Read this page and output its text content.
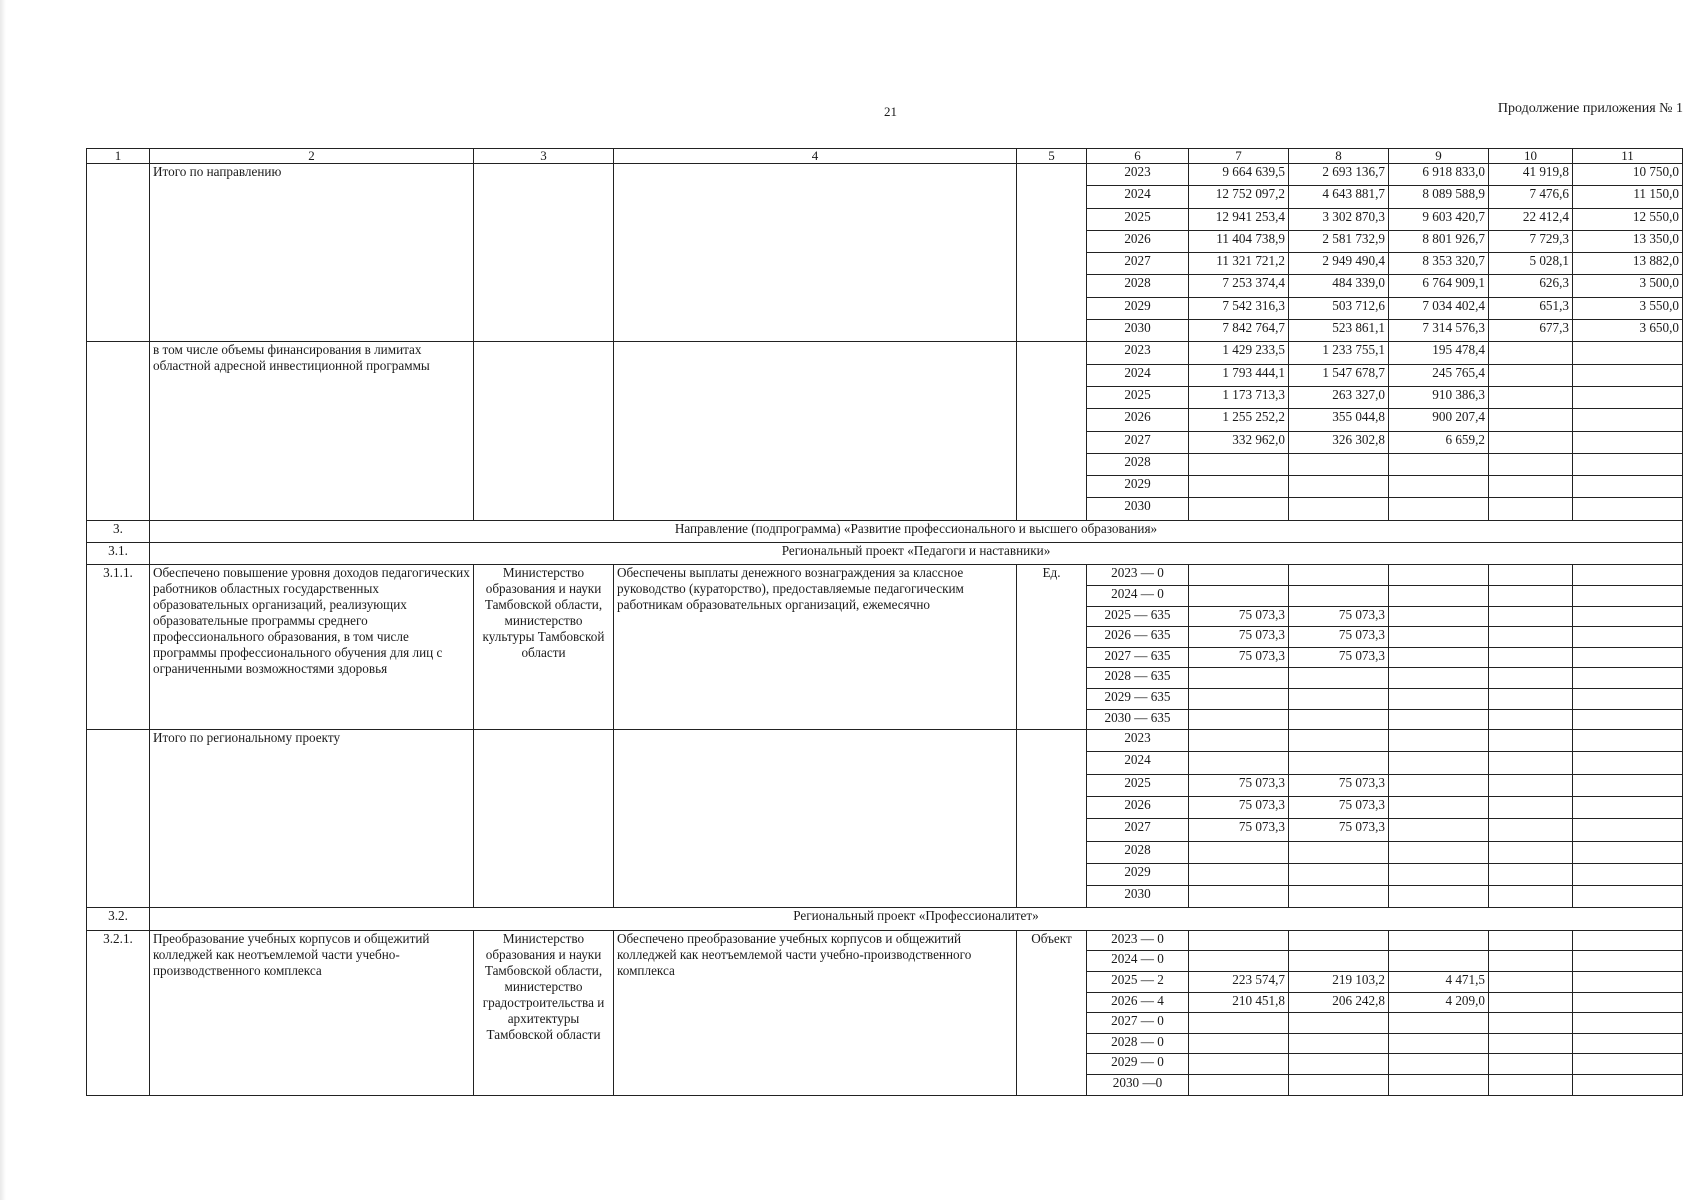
21	Продолжение приложения № 1
1	2	3	4	5	6	7	8	9	10	11
	Итого по направлению				2023	9 664 639,5	2 693 136,7	6 918 833,0	41 919,8	10 750,0
					2024	12 752 097,2	4 643 881,7	8 089 588,9	7 476,6	11 150,0
					2025	12 941 253,4	3 302 870,3	9 603 420,7	22 412,4	12 550,0
					2026	11 404 738,9	2 581 732,9	8 801 926,7	7 729,3	13 350,0
					2027	11 321 721,2	2 949 490,4	8 353 320,7	5 028,1	13 882,0
					2028	7 253 374,4	484 339,0	6 764 909,1	626,3	3 500,0
					2029	7 542 316,3	503 712,6	7 034 402,4	651,3	3 550,0
					2030	7 842 764,7	523 861,1	7 314 576,3	677,3	3 650,0
	в том числе объемы финансирования в лимитах областной адресной инвестиционной программы				2023	1 429 233,5	1 233 755,1	195 478,4		
					2024	1 793 444,1	1 547 678,7	245 765,4		
					2025	1 173 713,3	263 327,0	910 386,3		
					2026	1 255 252,2	355 044,8	900 207,4		
					2027	332 962,0	326 302,8	6 659,2		
					2028					
					2029					
					2030					
3.	Направление (подпрограмма) «Развитие профессионального и высшего образования»									
3.1.	Региональный проект «Педагоги и наставники»									
3.1.1.	Обеспечено повышение уровня доходов педагогических работников областных государственных образовательных организаций, реализующих образовательные программы среднего профессионального образования, в том числе программы профессионального обучения для лиц с ограниченными возможностями здоровья	Министерство образования и науки Тамбовской области, министерство культуры Тамбовской области	Обеспечены выплаты денежного вознаграждения за классное руководство (кураторство), предоставляемые педагогическим работникам образовательных организаций, ежемесячно	Ед.	2023 — 0					
					2024 — 0					
					2025 — 635	75 073,3	75 073,3			
					2026 — 635	75 073,3	75 073,3			
					2027 — 635	75 073,3	75 073,3			
					2028 — 635					
					2029 — 635					
					2030 — 635					
	Итого по региональному проекту				2023					
					2024					
					2025	75 073,3	75 073,3			
					2026	75 073,3	75 073,3			
					2027	75 073,3	75 073,3			
					2028					
					2029					
					2030					
3.2.	Региональный проект «Профессионалитет»									
3.2.1.	Преобразование учебных корпусов и общежитий колледжей как неотъемлемой части учебно-производственного комплекса	Министерство образования и науки Тамбовской области, министерство градостроительства и архитектуры Тамбовской области	Обеспечено преобразование учебных корпусов и общежитий колледжей как неотъемлемой части учебно-производственного комплекса	Объект	2023 — 0					
					2024 — 0					
					2025 — 2	223 574,7	219 103,2	4 471,5		
					2026 — 4	210 451,8	206 242,8	4 209,0		
					2027 — 0					
					2028 — 0					
					2029 — 0					
					2030 —0					
